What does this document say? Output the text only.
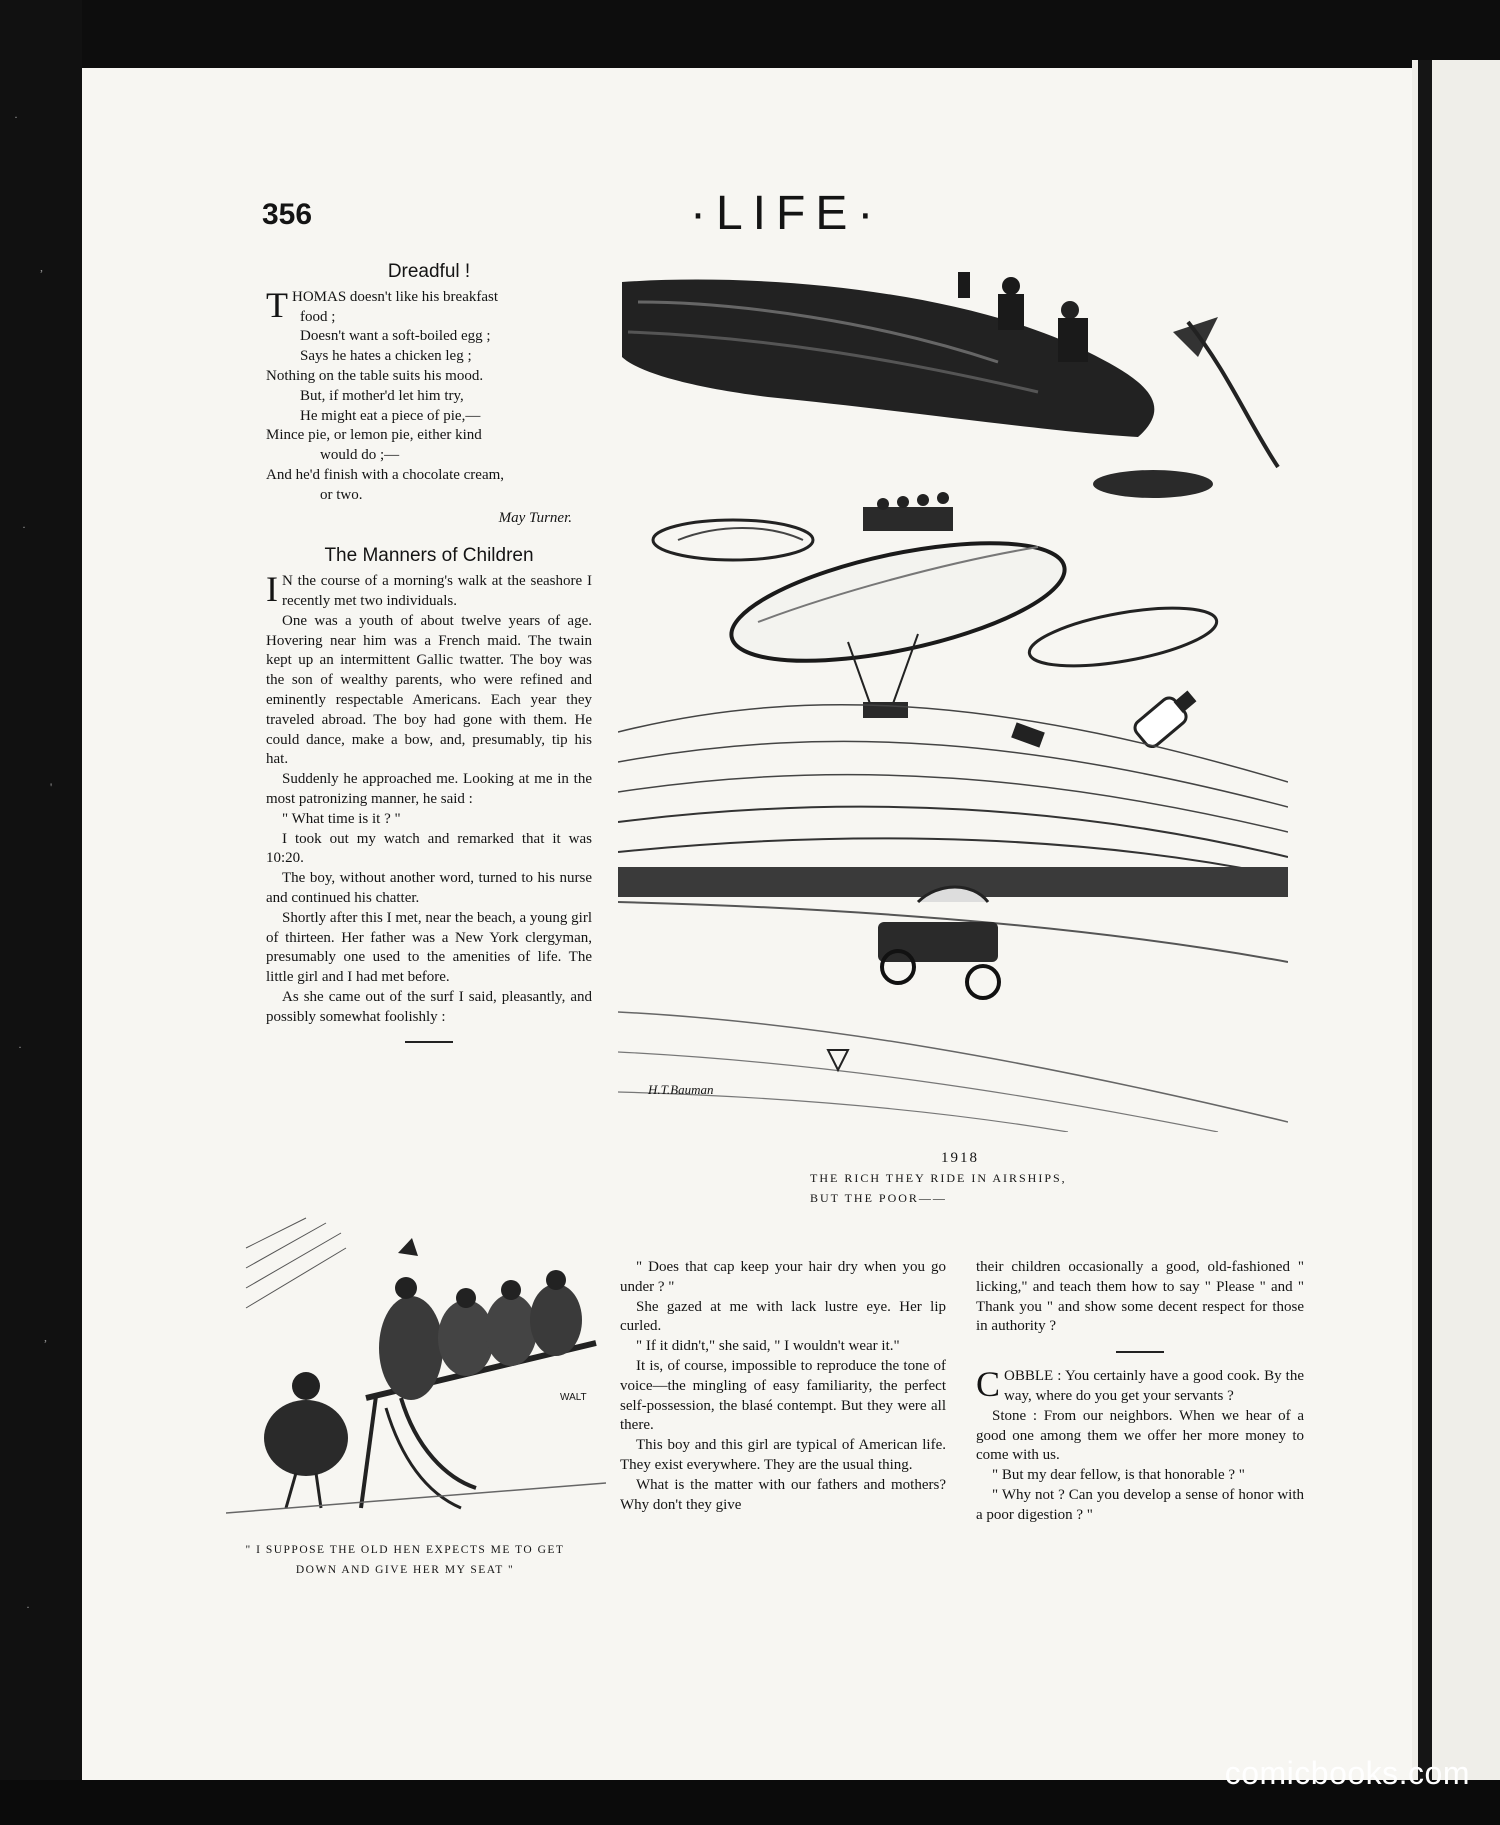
·
,
·
'
·
,
·
comicbooks.com
356	·LIFE·
Dreadful !
T HOMAS doesn't like his breakfast

food ;

Doesn't want a soft-boiled egg ;

Says he hates a chicken leg ;

Nothing on the table suits his mood.

But, if mother'd let him try,

He might eat a piece of pie,—

Mince pie, or lemon pie, either kind

would do ;—

And he'd finish with a chocolate cream,

or two.

May Turner.
The Manners of Children
I N the course of a morning's walk at the seashore I recently met two individuals.

One was a youth of about twelve years of age. Hovering near him was a French maid. The twain kept up an intermittent Gallic twatter. The boy was the son of wealthy parents, who were refined and eminently respectable Americans. Each year they traveled abroad. The boy had gone with them. He could dance, make a bow, and, presumably, tip his hat.

Suddenly he approached me. Looking at me in the most patronizing manner, he said :

" What time is it ? "

I took out my watch and remarked that it was 10:20.

The boy, without another word, turned to his nurse and continued his chatter.

Shortly after this I met, near the beach, a young girl of thirteen. Her father was a New York clergyman, presumably one used to the amenities of life. The little girl and I had met before.

As she came out of the surf I said, pleasantly, and possibly somewhat foolishly :

H.T.Bauman
1918
THE RICH THEY RIDE IN AIRSHIPS,
BUT THE POOR——
WALT
" I SUPPOSE THE OLD HEN EXPECTS ME TO GET
DOWN AND GIVE HER MY SEAT "

" Does that cap keep your hair dry when you go under ? "

She gazed at me with lack lustre eye. Her lip curled.

" If it didn't," she said, " I wouldn't wear it."

It is, of course, impossible to reproduce the tone of voice—the mingling of easy familiarity, the perfect self-possession, the blasé contempt. But they were all there.

This boy and this girl are typical of American life. They exist everywhere. They are the usual thing.

What is the matter with our fathers and mothers? Why don't they give

their children occasionally a good, old-fashioned " licking," and teach them how to say " Please " and " Thank you " and show some decent respect for those in authority ?

C OBBLE : You certainly have a good cook. By the way, where do you get your servants ?

Stone : From our neighbors. When we hear of a good one among them we offer her more money to come with us.

" But my dear fellow, is that honorable ? "

" Why not ? Can you develop a sense of honor with a poor digestion ? "
